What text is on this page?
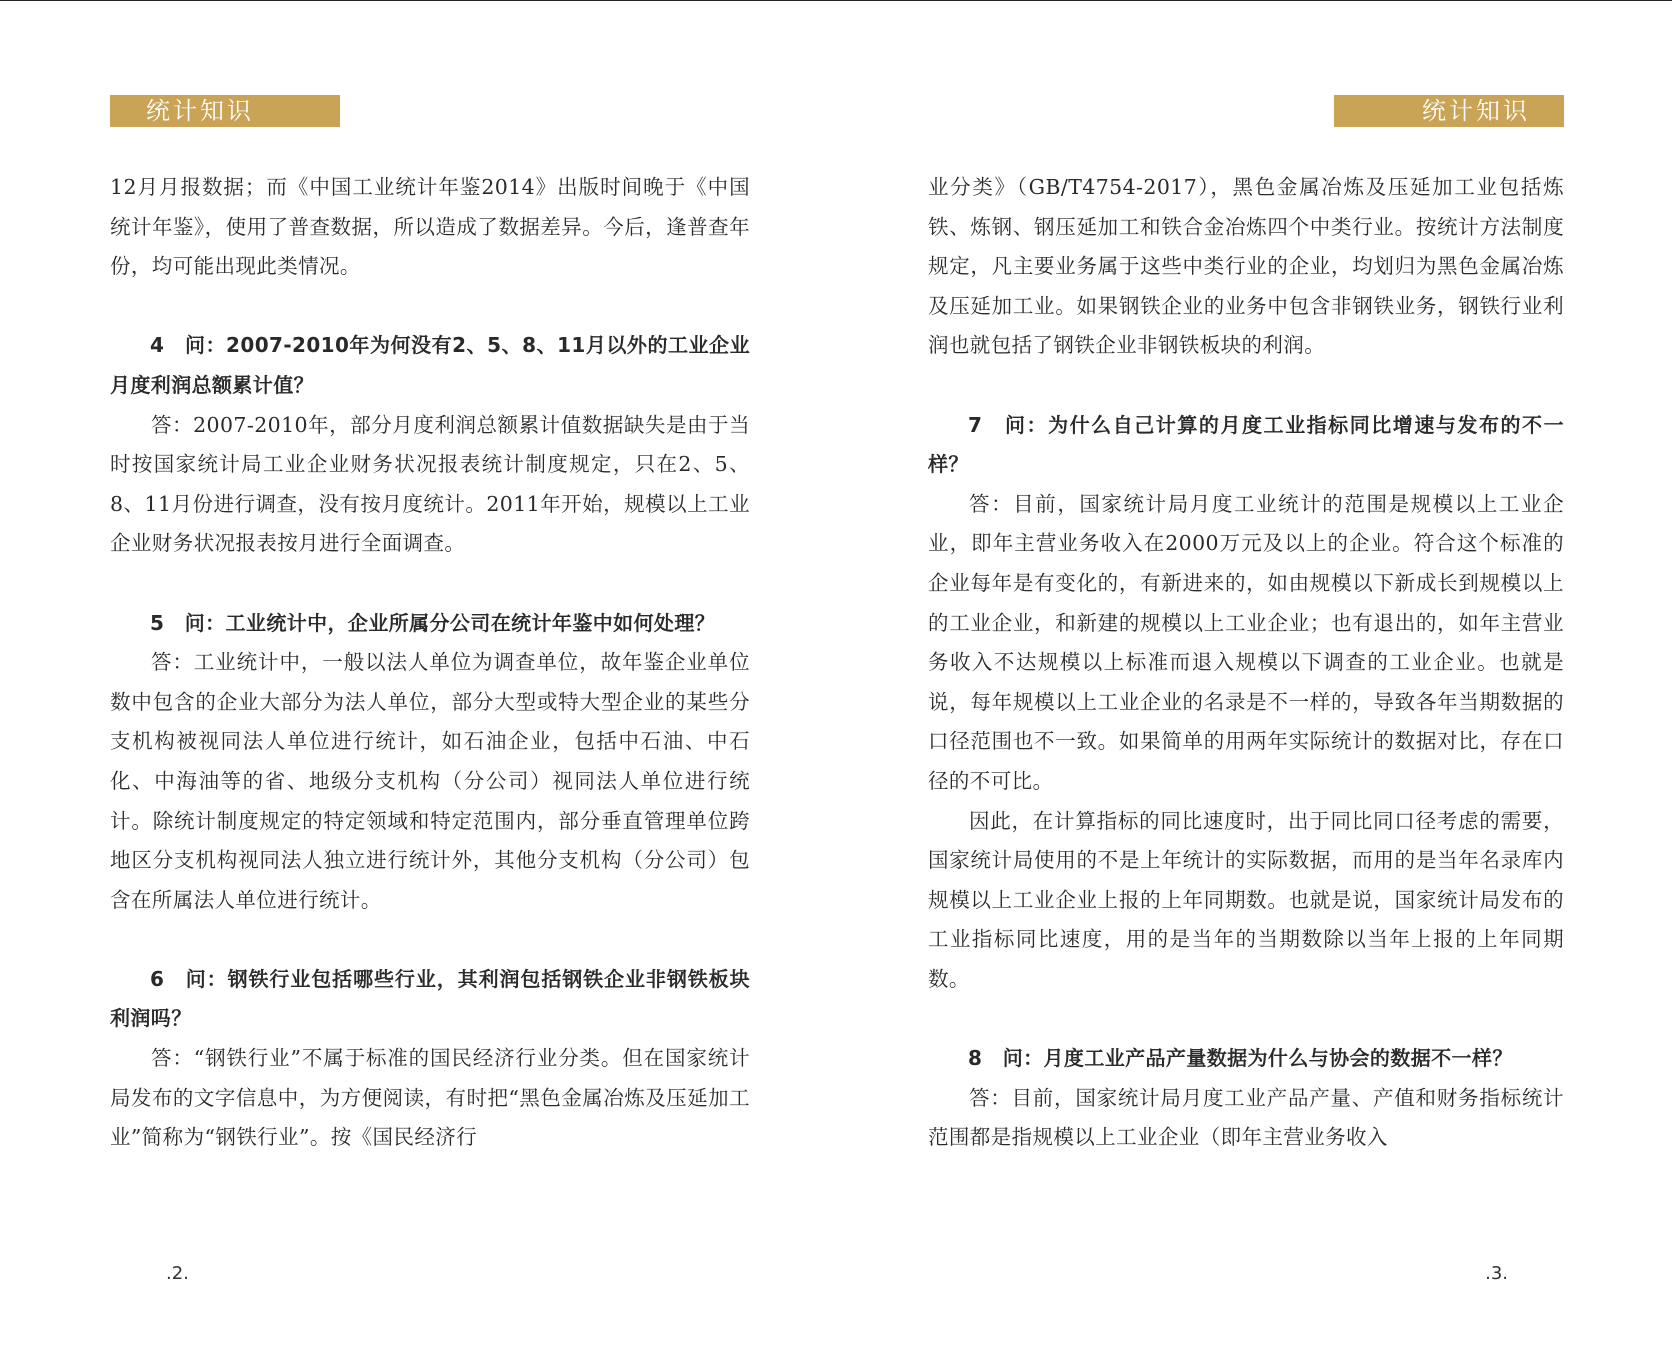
统计知识

12月月报数据；而《中国工业统计年鉴2014》出版时间晚于《中国统计年鉴》，使用了普查数据，所以造成了数据差异。今后，逢普查年份，均可能出现此类情况。

4　问：2007-2010年为何没有2、5、8、11月以外的工业企业月度利润总额累计值？

答：2007-2010年，部分月度利润总额累计值数据缺失是由于当时按国家统计局工业企业财务状况报表统计制度规定，只在2、5、8、11月份进行调查，没有按月度统计。2011年开始，规模以上工业企业财务状况报表按月进行全面调查。

5　问：工业统计中，企业所属分公司在统计年鉴中如何处理？

答：工业统计中，一般以法人单位为调查单位，故年鉴企业单位数中包含的企业大部分为法人单位，部分大型或特大型企业的某些分支机构被视同法人单位进行统计，如石油企业，包括中石油、中石化、中海油等的省、地级分支机构（分公司）视同法人单位进行统计。除统计制度规定的特定领域和特定范围内，部分垂直管理单位跨地区分支机构视同法人独立进行统计外，其他分支机构（分公司）包含在所属法人单位进行统计。

6　问：钢铁行业包括哪些行业，其利润包括钢铁企业非钢铁板块利润吗？

答：“钢铁行业”不属于标准的国民经济行业分类。但在国家统计局发布的文字信息中，为方便阅读，有时把“黑色金属冶炼及压延加工业”简称为“钢铁行业”。按《国民经济行

.2.
统计知识

业分类》（GB/T4754-2017），黑色金属冶炼及压延加工业包括炼铁、炼钢、钢压延加工和铁合金冶炼四个中类行业。按统计方法制度规定，凡主要业务属于这些中类行业的企业，均划归为黑色金属冶炼及压延加工业。如果钢铁企业的业务中包含非钢铁业务，钢铁行业利润也就包括了钢铁企业非钢铁板块的利润。

7　问：为什么自己计算的月度工业指标同比增速与发布的不一样？

答：目前，国家统计局月度工业统计的范围是规模以上工业企业，即年主营业务收入在2000万元及以上的企业。符合这个标准的企业每年是有变化的，有新进来的，如由规模以下新成长到规模以上的工业企业，和新建的规模以上工业企业；也有退出的，如年主营业务收入不达规模以上标准而退入规模以下调查的工业企业。也就是说，每年规模以上工业企业的名录是不一样的，导致各年当期数据的口径范围也不一致。如果简单的用两年实际统计的数据对比，存在口径的不可比。

因此，在计算指标的同比速度时，出于同比同口径考虑的需要，国家统计局使用的不是上年统计的实际数据，而用的是当年名录库内规模以上工业企业上报的上年同期数。也就是说，国家统计局发布的工业指标同比速度，用的是当年的当期数除以当年上报的上年同期数。

8　问：月度工业产品产量数据为什么与协会的数据不一样？

答：目前，国家统计局月度工业产品产量、产值和财务指标统计范围都是指规模以上工业企业（即年主营业务收入

.3.
